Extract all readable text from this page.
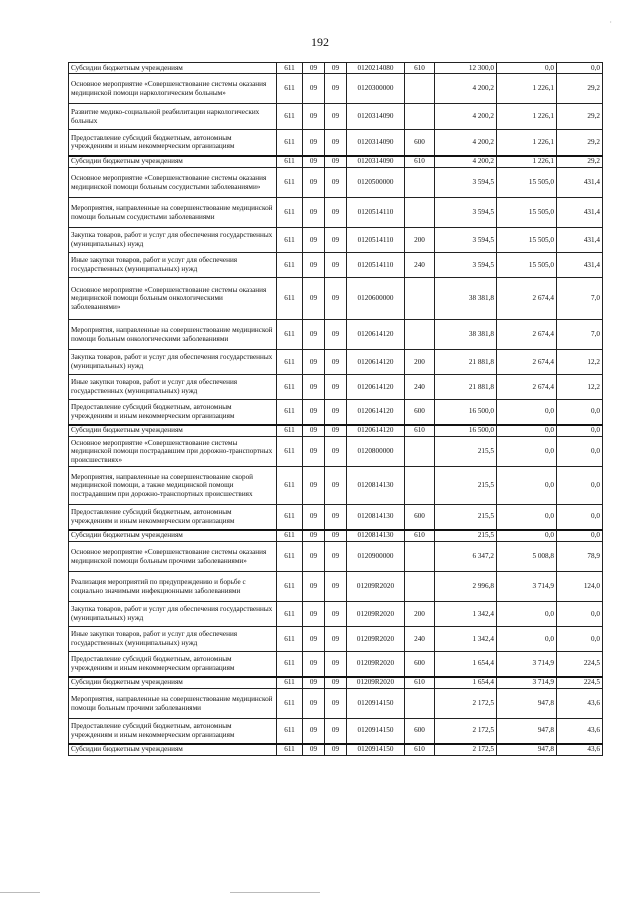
·
192
Субсидии бюджетным учреждениям	611	09	09	0120214080	610	12 300,0	0,0	0,0
Основное мероприятие «Совершенствование системы оказания медицинской помощи наркологическим больным»	611	09	09	0120300000		4 200,2	1 226,1	29,2
Развитие медико-социальной реабилитации наркологических больных	611	09	09	0120314090		4 200,2	1 226,1	29,2
Предоставление субсидий бюджетным, автономным учреждениям и иным некоммерческим организациям	611	09	09	0120314090	600	4 200,2	1 226,1	29,2
Субсидии бюджетным учреждениям	611	09	09	0120314090	610	4 200,2	1 226,1	29,2
Основное мероприятие «Совершенствование системы оказания медицинской помощи больным сосудистыми заболеваниями»	611	09	09	0120500000		3 594,5	15 505,0	431,4
Мероприятия, направленные на совершенствование медицинской помощи больным сосудистыми заболеваниями	611	09	09	0120514110		3 594,5	15 505,0	431,4
Закупка товаров, работ и услуг для обеспечения государственных (муниципальных) нужд	611	09	09	0120514110	200	3 594,5	15 505,0	431,4
Иные закупки товаров, работ и услуг для обеспечения государственных (муниципальных) нужд	611	09	09	0120514110	240	3 594,5	15 505,0	431,4
Основное мероприятие «Совершенствование системы оказания медицинской помощи больным онкологическими заболеваниями»	611	09	09	0120600000		38 381,8	2 674,4	7,0
Мероприятия, направленные на совершенствование медицинской помощи больным онкологическими заболеваниями	611	09	09	0120614120		38 381,8	2 674,4	7,0
Закупка товаров, работ и услуг для обеспечения государственных (муниципальных) нужд	611	09	09	0120614120	200	21 881,8	2 674,4	12,2
Иные закупки товаров, работ и услуг для обеспечения государственных (муниципальных) нужд	611	09	09	0120614120	240	21 881,8	2 674,4	12,2
Предоставление субсидий бюджетным, автономным учреждениям и иным некоммерческим организациям	611	09	09	0120614120	600	16 500,0	0,0	0,0
Субсидии бюджетным учреждениям	611	09	09	0120614120	610	16 500,0	0,0	0,0
Основное мероприятие «Совершенствование системы медицинской помощи пострадавшим при дорожно-транспортных происшествиях»	611	09	09	0120800000		215,5	0,0	0,0
Мероприятия, направленные на совершенствование скорой медицинской помощи, а также медицинской помощи пострадавшим при дорожно-транспортных происшествиях	611	09	09	0120814130		215,5	0,0	0,0
Предоставление субсидий бюджетным, автономным учреждениям и иным некоммерческим организациям	611	09	09	0120814130	600	215,5	0,0	0,0
Субсидии бюджетным учреждениям	611	09	09	0120814130	610	215,5	0,0	0,0
Основное мероприятие «Совершенствование системы оказания медицинской помощи больным прочими заболеваниями»	611	09	09	0120900000		6 347,2	5 008,8	78,9
Реализация мероприятий по предупреждению и борьбе с социально значимыми инфекционными заболеваниями	611	09	09	01209R2020		2 996,8	3 714,9	124,0
Закупка товаров, работ и услуг для обеспечения государственных (муниципальных) нужд	611	09	09	01209R2020	200	1 342,4	0,0	0,0
Иные закупки товаров, работ и услуг для обеспечения государственных (муниципальных) нужд	611	09	09	01209R2020	240	1 342,4	0,0	0,0
Предоставление субсидий бюджетным, автономным учреждениям и иным некоммерческим организациям	611	09	09	01209R2020	600	1 654,4	3 714,9	224,5
Субсидии бюджетным учреждениям	611	09	09	01209R2020	610	1 654,4	3 714,9	224,5
Мероприятия, направленные на совершенствование медицинской помощи больным прочими заболеваниями	611	09	09	0120914150		2 172,5	947,8	43,6
Предоставление субсидий бюджетным, автономным учреждениям и иным некоммерческим организациям	611	09	09	0120914150	600	2 172,5	947,8	43,6
Субсидии бюджетным учреждениям	611	09	09	0120914150	610	2 172,5	947,8	43,6
